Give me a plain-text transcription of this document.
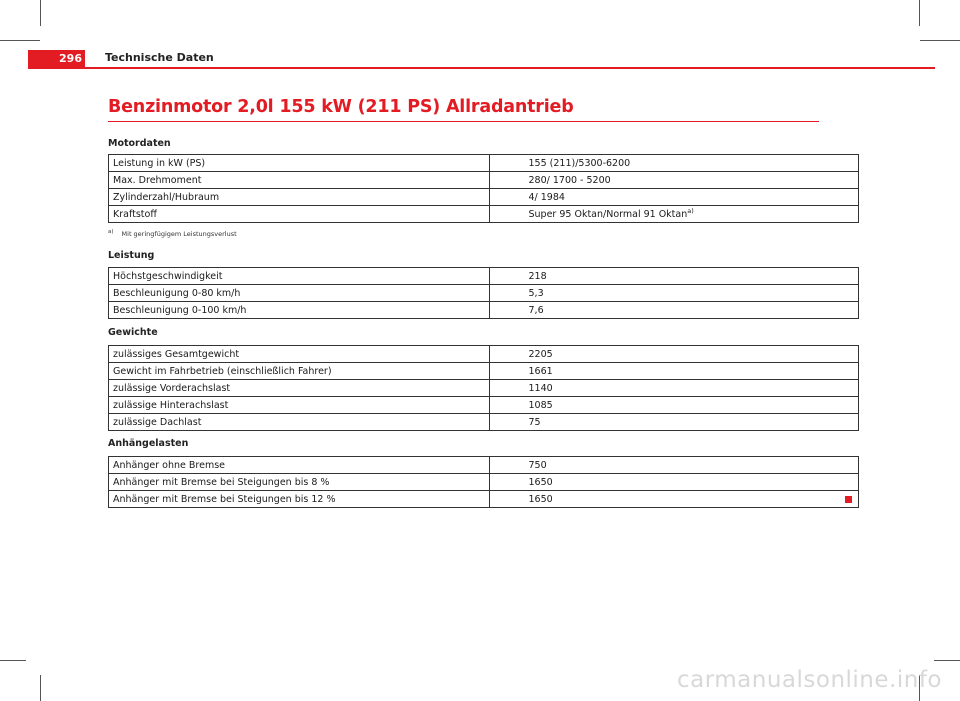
296 Technische Daten
Benzinmotor 2,0l 155 kW (211 PS) Allradantrieb
Motordaten
Leistung in kW (PS)		155 (211)/5300-6200
Max. Drehmoment		280/ 1700 - 5200
Zylinderzahl/Hubraum		4/ 1984
Kraftstoff		Super 95 Oktan/Normal 91 Oktan$^{a)}$
$^{a)}$ Mit geringfügigem Leistungsverlust
Leistung
Höchstgeschwindigkeit		218
Beschleunigung 0-80 km/h		5,3
Beschleunigung 0-100 km/h		7,6
Gewichte
zulässiges Gesamtgewicht		2205
Gewicht im Fahrbetrieb (einschließlich Fahrer)		1661
zulässige Vorderachslast		1140
zulässige Hinterachslast		1085
zulässige Dachlast		75
Anhängelasten
Anhänger ohne Bremse		750
Anhänger mit Bremse bei Steigungen bis 8 %		1650
Anhänger mit Bremse bei Steigungen bis 12 %		1650
carmanualsonline.info
